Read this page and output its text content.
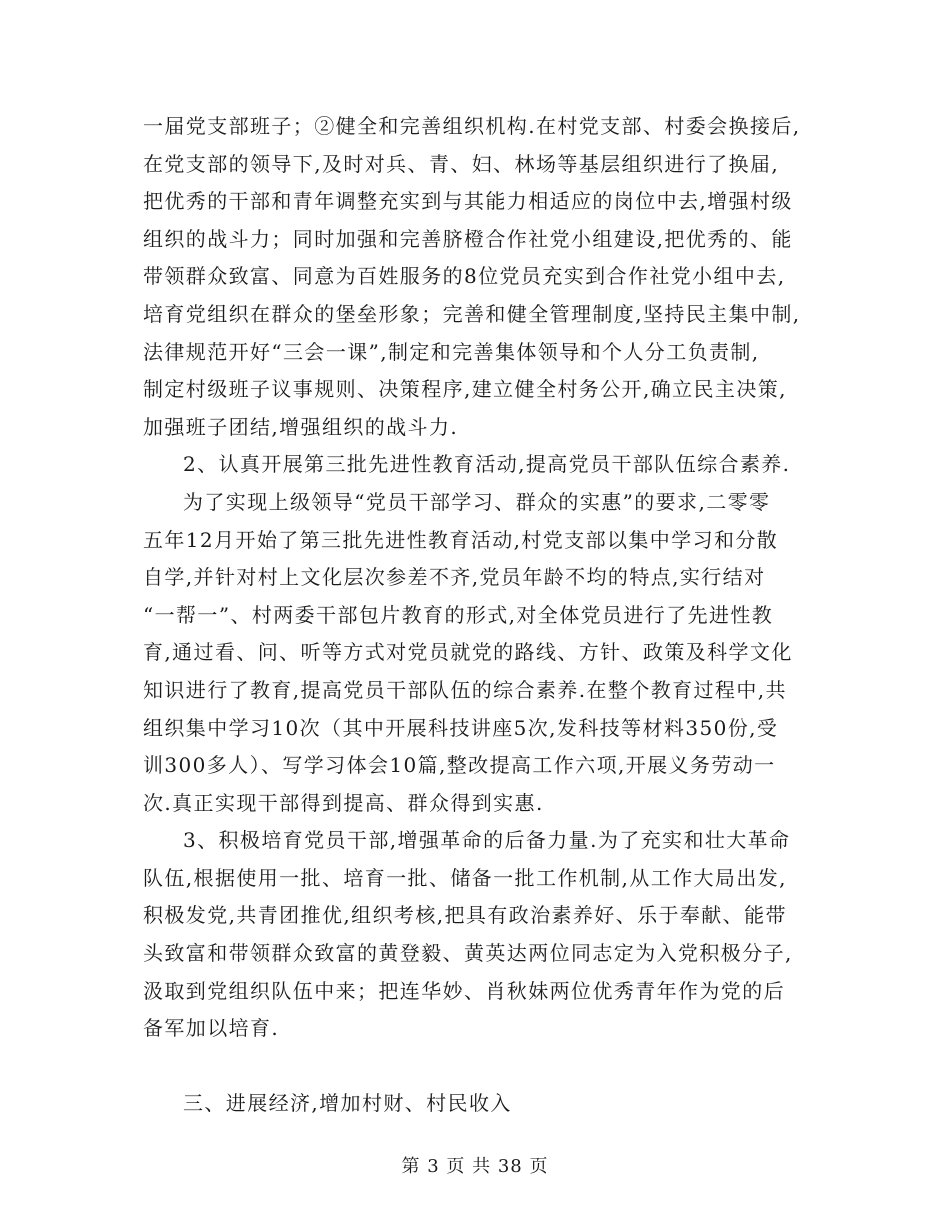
一届党支部班子；②健全和完善组织机构.在村党支部、村委会换接后,
在党支部的领导下,及时对兵、青、妇、林场等基层组织进行了换届,
把优秀的干部和青年调整充实到与其能力相适应的岗位中去,增强村级
组织的战斗力；同时加强和完善脐橙合作社党小组建设,把优秀的、能
带领群众致富、同意为百姓服务的8位党员充实到合作社党小组中去,
培育党组织在群众的堡垒形象；完善和健全管理制度,坚持民主集中制,
法律规范开好“三会一课”,制定和完善集体领导和个人分工负责制,
制定村级班子议事规则、决策程序,建立健全村务公开,确立民主决策,
加强班子团结,增强组织的战斗力.
2、认真开展第三批先进性教育活动,提高党员干部队伍综合素养.
为了实现上级领导“党员干部学习、群众的实惠”的要求,二零零
五年12月开始了第三批先进性教育活动,村党支部以集中学习和分散
自学,并针对村上文化层次参差不齐,党员年龄不均的特点,实行结对
“一帮一”、村两委干部包片教育的形式,对全体党员进行了先进性教
育,通过看、问、听等方式对党员就党的路线、方针、政策及科学文化
知识进行了教育,提高党员干部队伍的综合素养.在整个教育过程中,共
组织集中学习10次（其中开展科技讲座5次,发科技等材料350份,受
训300多人）、写学习体会10篇,整改提高工作六项,开展义务劳动一
次.真正实现干部得到提高、群众得到实惠.
3、积极培育党员干部,增强革命的后备力量.为了充实和壮大革命
队伍,根据使用一批、培育一批、储备一批工作机制,从工作大局出发,
积极发党,共青团推优,组织考核,把具有政治素养好、乐于奉献、能带
头致富和带领群众致富的黄登毅、黄英达两位同志定为入党积极分子,
汲取到党组织队伍中来；把连华妙、肖秋妹两位优秀青年作为党的后
备军加以培育.
三、进展经济,增加村财、村民收入
第 3 页 共 38 页
